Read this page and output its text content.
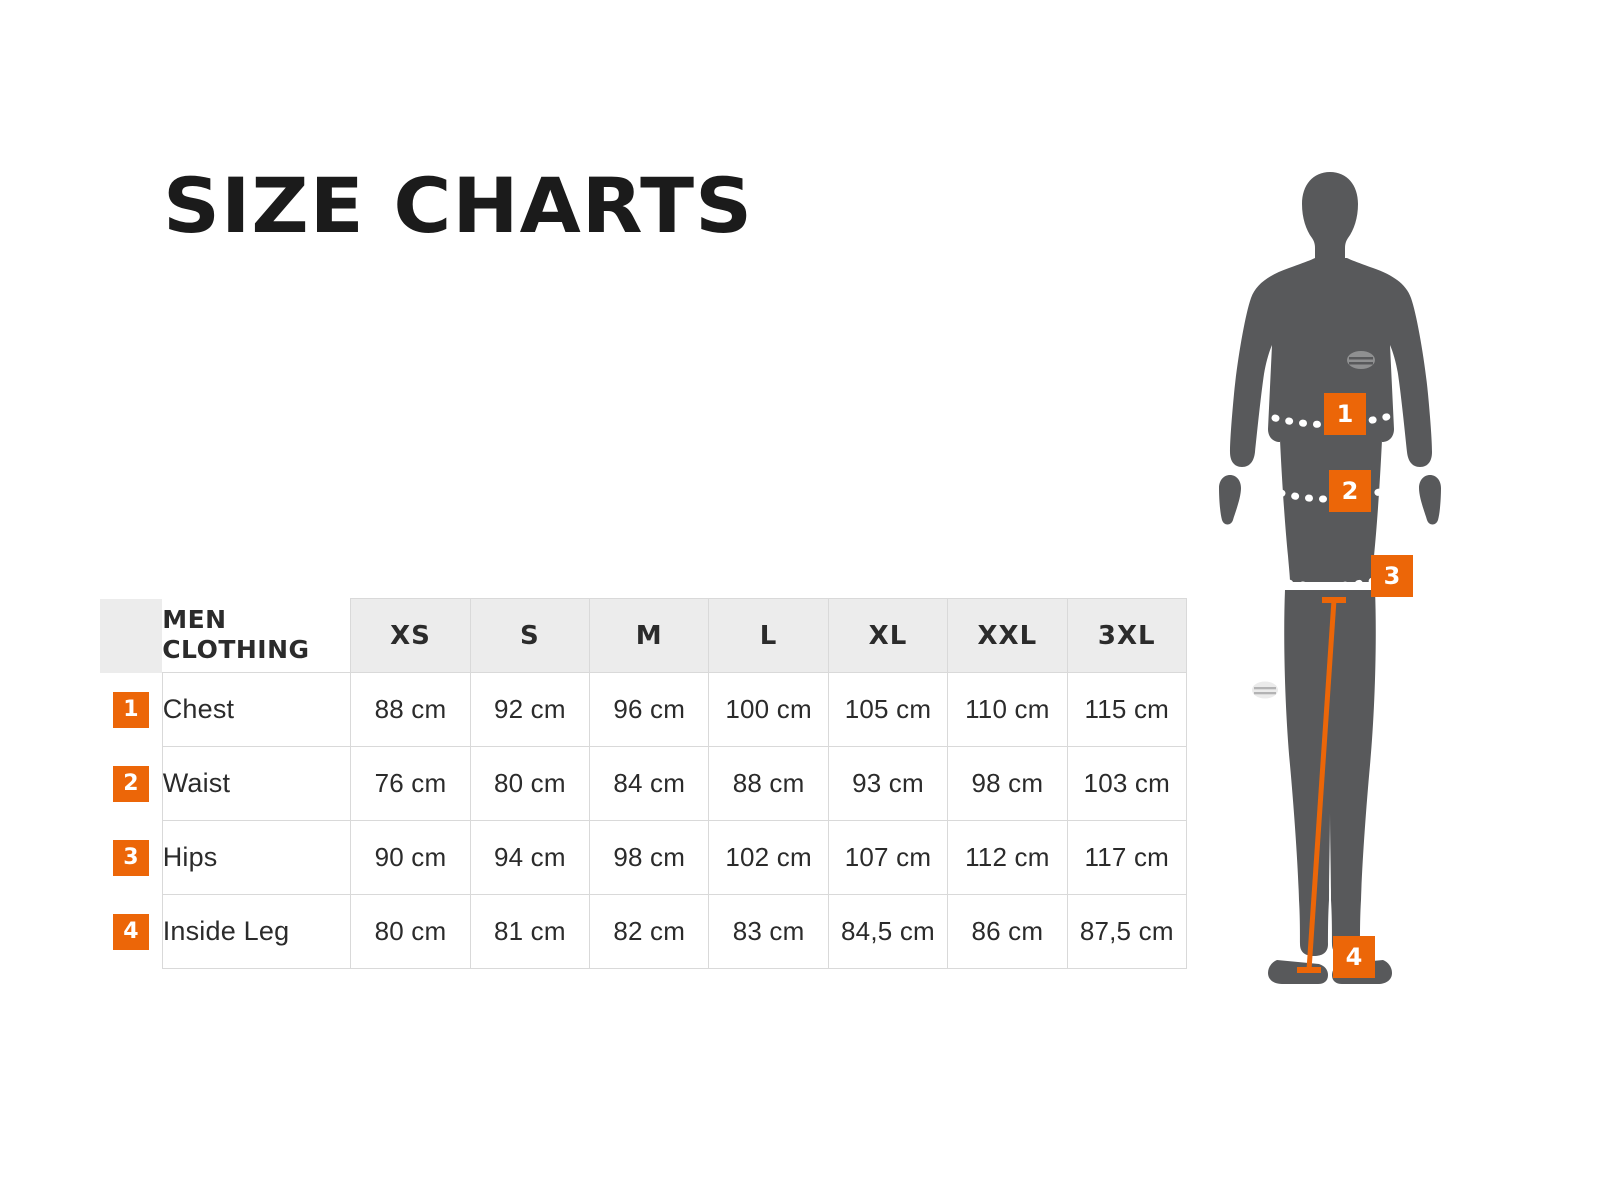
SIZE CHARTS
	MEN
CLOTHING	XS	S	M	L	XL	XXL	3XL
1	Chest	88 cm	92 cm	96 cm	100 cm	105 cm	110 cm	115 cm
2	Waist	76 cm	80 cm	84 cm	88 cm	93 cm	98 cm	103 cm
3	Hips	90 cm	94 cm	98 cm	102 cm	107 cm	112 cm	117 cm
4	Inside Leg	80 cm	81 cm	82 cm	83 cm	84,5 cm	86 cm	87,5 cm
1
2
3
4
